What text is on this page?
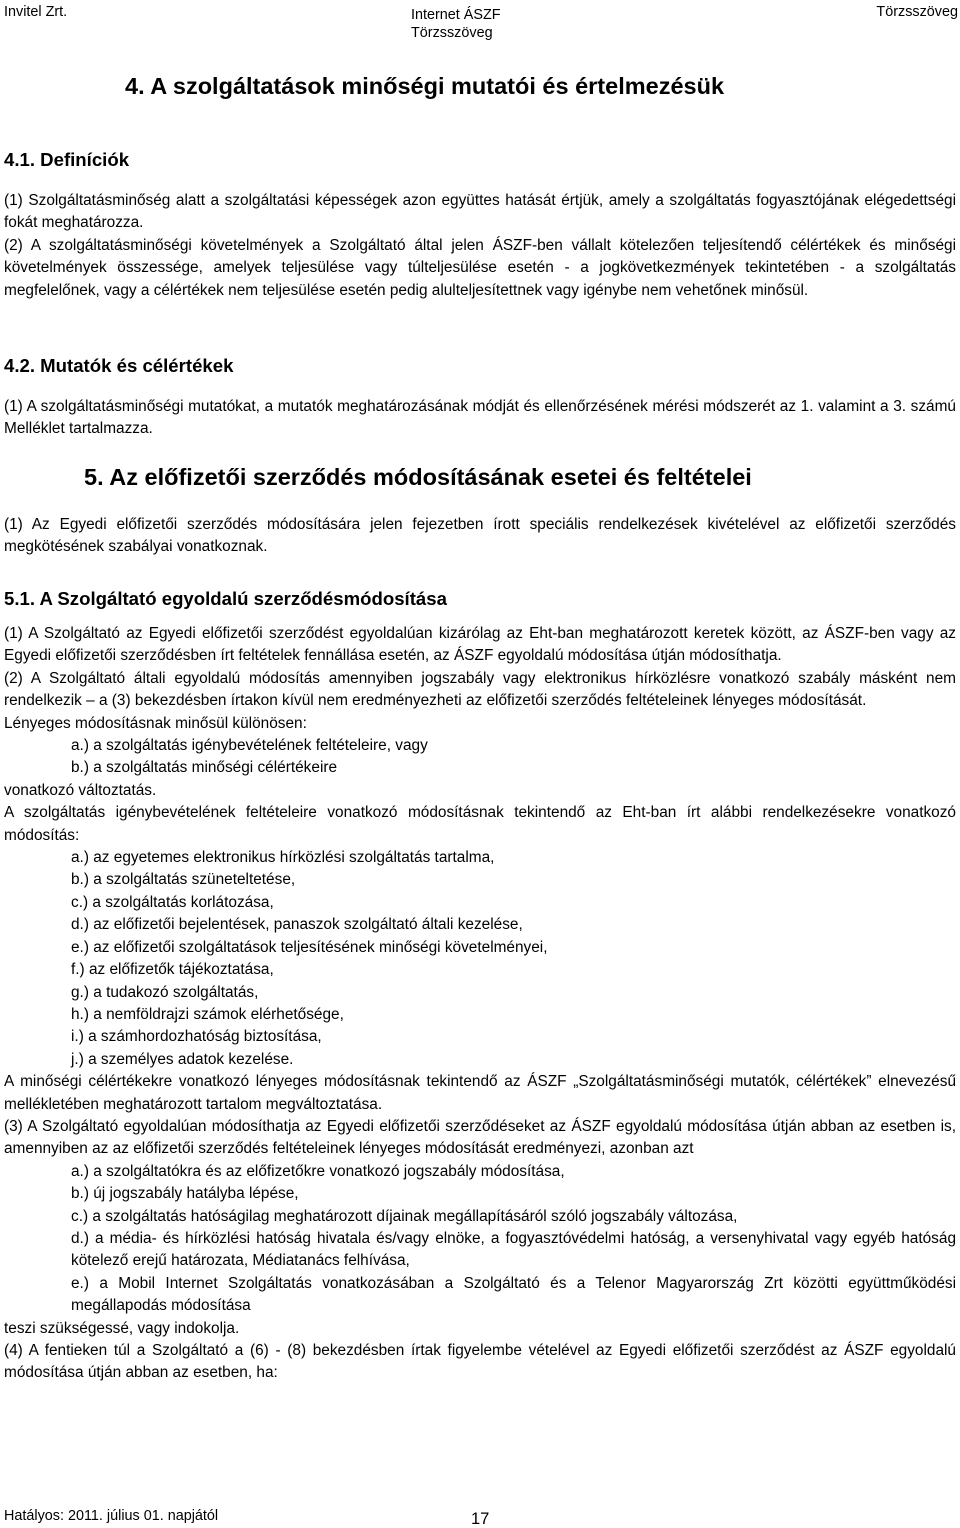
Invitel Zrt.	Internet ÁSZF
Törzsszöveg
Törzsszöveg
4. A szolgáltatások minőségi mutatói és értelmezésük

4.1. Definíciók

(1) Szolgáltatásminőség alatt a szolgáltatási képességek azon együttes hatását értjük, amely a szolgáltatás fogyasztójának elégedettségi fokát meghatározza.

(2) A szolgáltatásminőségi követelmények a Szolgáltató által jelen ÁSZF-ben vállalt kötelezően teljesítendő célértékek és minőségi követelmények összessége, amelyek teljesülése vagy túlteljesülése esetén - a jogkövetkezmények tekintetében - a szolgáltatás megfelelőnek, vagy a célértékek nem teljesülése esetén pedig alulteljesítettnek vagy igénybe nem vehetőnek minősül.

4.2. Mutatók és célértékek

(1) A szolgáltatásminőségi mutatókat, a mutatók meghatározásának módját és ellenőrzésének mérési módszerét az 1. valamint a 3. számú Melléklet tartalmazza.

5. Az előfizetői szerződés módosításának esetei és feltételei

(1) Az Egyedi előfizetői szerződés módosítására jelen fejezetben írott speciális rendelkezések kivételével az előfizetői szerződés megkötésének szabályai vonatkoznak.

5.1. A Szolgáltató egyoldalú szerződésmódosítása

(1) A Szolgáltató az Egyedi előfizetői szerződést egyoldalúan kizárólag az Eht-ban meghatározott keretek között, az ÁSZF-ben vagy az Egyedi előfizetői szerződésben írt feltételek fennállása esetén, az ÁSZF egyoldalú módosítása útján módosíthatja.

(2) A Szolgáltató általi egyoldalú módosítás amennyiben jogszabály vagy elektronikus hírközlésre vonatkozó szabály másként nem rendelkezik – a (3) bekezdésben írtakon kívül nem eredményezheti az előfizetői szerződés feltételeinek lényeges módosítását.

Lényeges módosításnak minősül különösen:

a.) a szolgáltatás igénybevételének feltételeire, vagy

b.) a szolgáltatás minőségi célértékeire

vonatkozó változtatás.

A szolgáltatás igénybevételének feltételeire vonatkozó módosításnak tekintendő az Eht-ban írt alábbi rendelkezésekre vonatkozó módosítás:

a.) az egyetemes elektronikus hírközlési szolgáltatás tartalma,

b.) a szolgáltatás szüneteltetése,

c.) a szolgáltatás korlátozása,

d.) az előfizetői bejelentések, panaszok szolgáltató általi kezelése,

e.) az előfizetői szolgáltatások teljesítésének minőségi követelményei,

f.) az előfizetők tájékoztatása,

g.) a tudakozó szolgáltatás,

h.) a nemföldrajzi számok elérhetősége,

i.) a számhordozhatóság biztosítása,

j.) a személyes adatok kezelése.

A minőségi célértékekre vonatkozó lényeges módosításnak tekintendő az ÁSZF „Szolgáltatásminőségi mutatók, célértékek” elnevezésű mellékletében meghatározott tartalom megváltoztatása.

(3) A Szolgáltató egyoldalúan módosíthatja az Egyedi előfizetői szerződéseket az ÁSZF egyoldalú módosítása útján abban az esetben is, amennyiben az az előfizetői szerződés feltételeinek lényeges módosítását eredményezi, azonban azt

a.) a szolgáltatókra és az előfizetőkre vonatkozó jogszabály módosítása,

b.) új jogszabály hatályba lépése,

c.) a szolgáltatás hatóságilag meghatározott díjainak megállapításáról szóló jogszabály változása,

d.) a média- és hírközlési hatóság hivatala és/vagy elnöke, a fogyasztóvédelmi hatóság, a versenyhivatal vagy egyéb hatóság kötelező erejű határozata, Médiatanács felhívása,

e.) a Mobil Internet Szolgáltatás vonatkozásában a Szolgáltató és a Telenor Magyarország Zrt közötti együttműködési megállapodás módosítása

teszi szükségessé, vagy indokolja.

(4) A fentieken túl a Szolgáltató a (6) - (8) bekezdésben írtak figyelembe vételével az Egyedi előfizetői szerződést az ÁSZF egyoldalú módosítása útján abban az esetben, ha:

Hatályos: 2011. július 01. napjától	17
